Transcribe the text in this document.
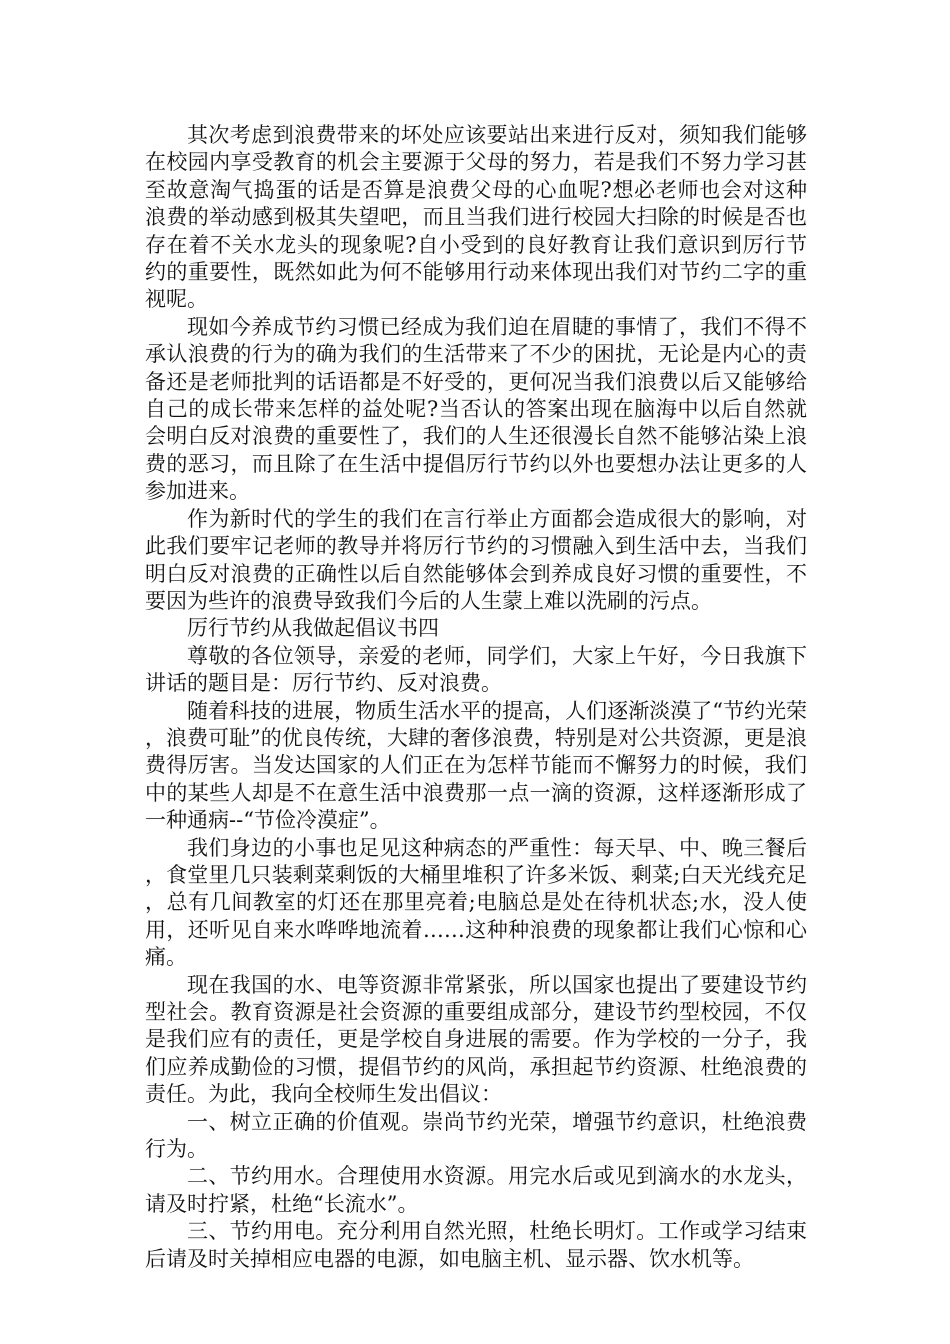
其次考虑到浪费带来的坏处应该要站出来进行反对，须知我们能够在校园内享受教育的机会主要源于父母的努力，若是我们不努力学习甚至故意淘气捣蛋的话是否算是浪费父母的心血呢?想必老师也会对这种浪费的举动感到极其失望吧，而且当我们进行校园大扫除的时候是否也存在着不关水龙头的现象呢?自小受到的良好教育让我们意识到厉行节约的重要性，既然如此为何不能够用行动来体现出我们对节约二字的重视呢。

现如今养成节约习惯已经成为我们迫在眉睫的事情了，我们不得不承认浪费的行为的确为我们的生活带来了不少的困扰，无论是内心的责备还是老师批判的话语都是不好受的，更何况当我们浪费以后又能够给自己的成长带来怎样的益处呢?当否认的答案出现在脑海中以后自然就会明白反对浪费的重要性了，我们的人生还很漫长自然不能够沾染上浪费的恶习，而且除了在生活中提倡厉行节约以外也要想办法让更多的人参加进来。

作为新时代的学生的我们在言行举止方面都会造成很大的影响，对此我们要牢记老师的教导并将厉行节约的习惯融入到生活中去，当我们明白反对浪费的正确性以后自然能够体会到养成良好习惯的重要性，不要因为些许的浪费导致我们今后的人生蒙上难以洗刷的污点。

厉行节约从我做起倡议书四

尊敬的各位领导，亲爱的老师，同学们，大家上午好，今日我旗下讲话的题目是：厉行节约、反对浪费。

随着科技的进展，物质生活水平的提高，人们逐渐淡漠了“节约光荣，浪费可耻”的优良传统，大肆的奢侈浪费，特别是对公共资源，更是浪费得厉害。当发达国家的人们正在为怎样节能而不懈努力的时候，我们中的某些人却是不在意生活中浪费那一点一滴的资源，这样逐渐形成了一种通病--“节俭冷漠症”。

我们身边的小事也足见这种病态的严重性：每天早、中、晚三餐后，食堂里几只装剩菜剩饭的大桶里堆积了许多米饭、剩菜;白天光线充足，总有几间教室的灯还在那里亮着;电脑总是处在待机状态;水，没人使用，还听见自来水哗哗地流着……这种种浪费的现象都让我们心惊和心痛。

现在我国的水、电等资源非常紧张，所以国家也提出了要建设节约型社会。教育资源是社会资源的重要组成部分，建设节约型校园，不仅是我们应有的责任，更是学校自身进展的需要。作为学校的一分子，我们应养成勤俭的习惯，提倡节约的风尚，承担起节约资源、杜绝浪费的责任。为此，我向全校师生发出倡议：

一、树立正确的价值观。崇尚节约光荣，增强节约意识，杜绝浪费行为。

二、节约用水。合理使用水资源。用完水后或见到滴水的水龙头，请及时拧紧，杜绝“长流水”。

三、节约用电。充分利用自然光照，杜绝长明灯。工作或学习结束后请及时关掉相应电器的电源，如电脑主机、显示器、饮水机等。
